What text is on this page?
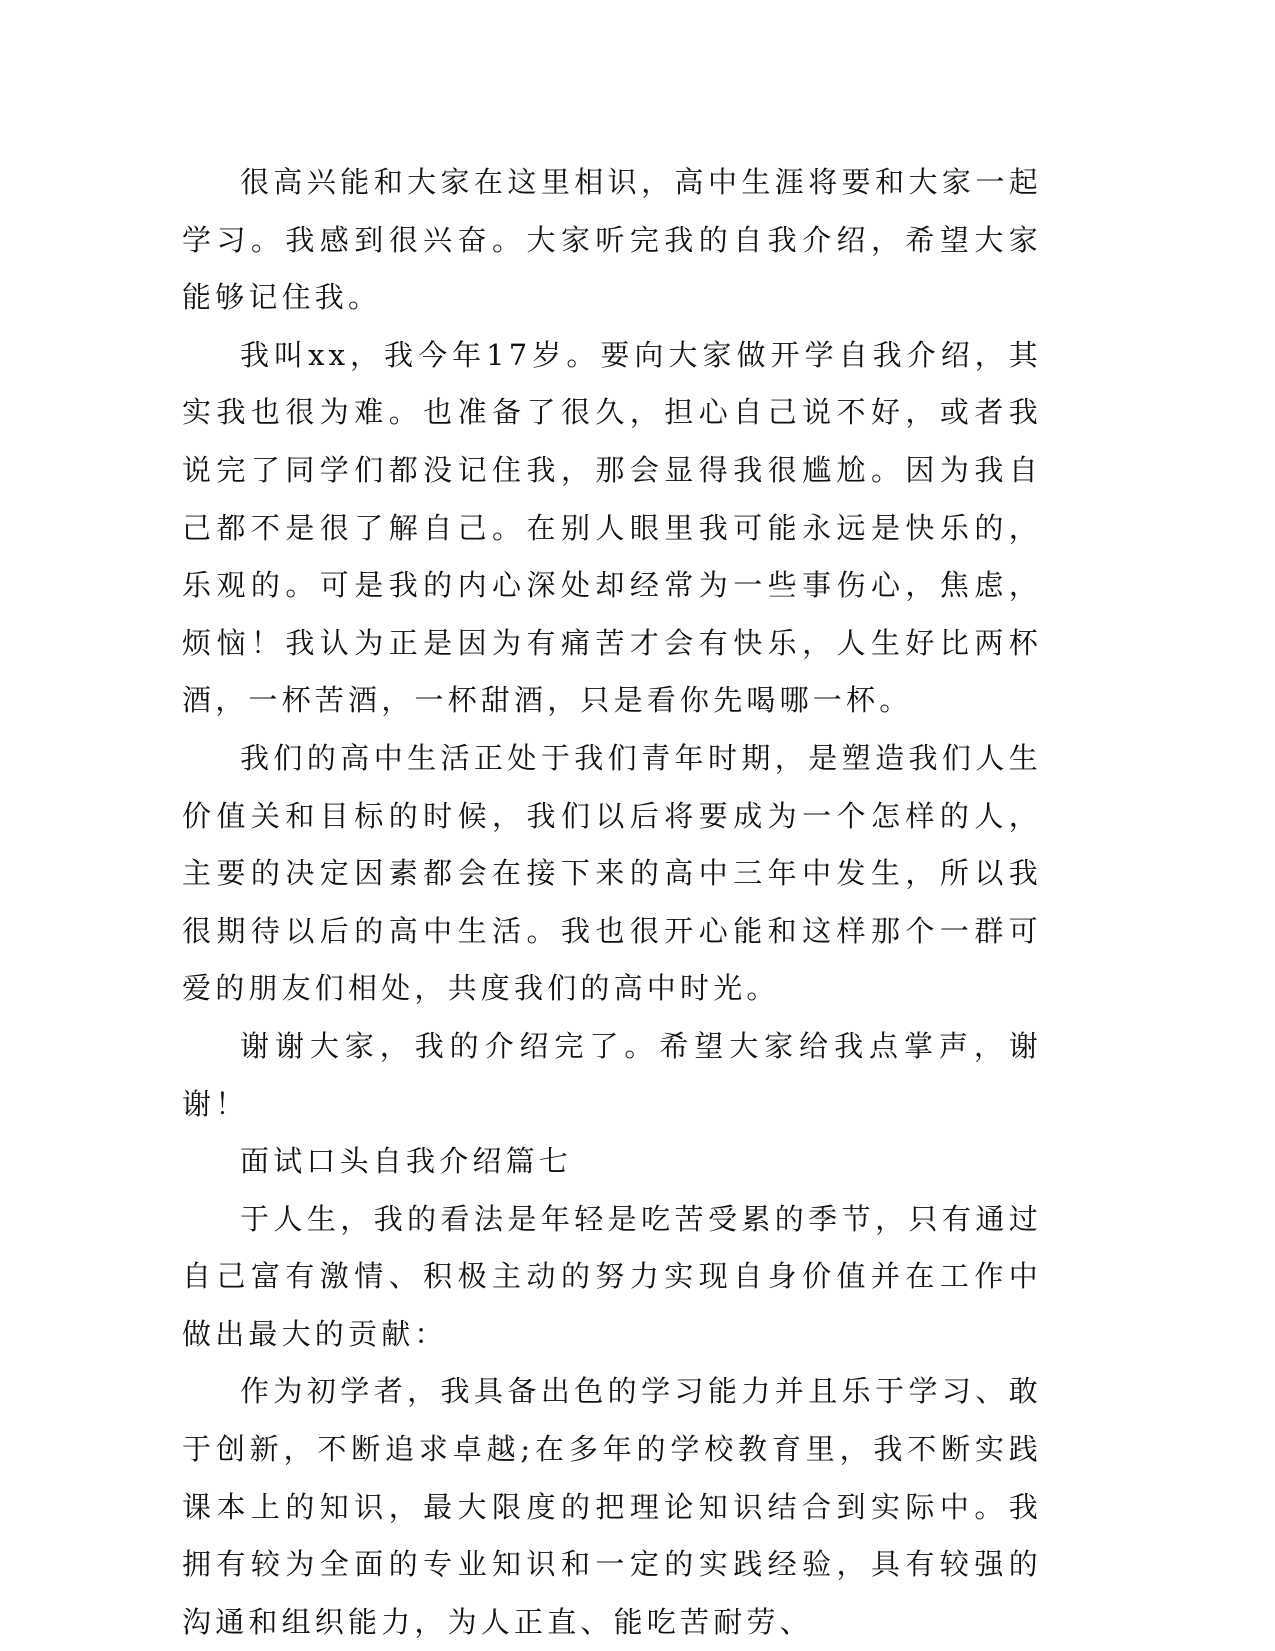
很高兴能和大家在这里相识，高中生涯将要和大家一起学习。我感到很兴奋。大家听完我的自我介绍，希望大家能够记住我。

我叫xx，我今年17岁。要向大家做开学自我介绍，其实我也很为难。也准备了很久，担心自己说不好，或者我说完了同学们都没记住我，那会显得我很尴尬。因为我自己都不是很了解自己。在别人眼里我可能永远是快乐的，乐观的。可是我的内心深处却经常为一些事伤心，焦虑，烦恼！我认为正是因为有痛苦才会有快乐，人生好比两杯酒，一杯苦酒，一杯甜酒，只是看你先喝哪一杯。

我们的高中生活正处于我们青年时期，是塑造我们人生价值关和目标的时候，我们以后将要成为一个怎样的人，主要的决定因素都会在接下来的高中三年中发生，所以我很期待以后的高中生活。我也很开心能和这样那个一群可爱的朋友们相处，共度我们的高中时光。

谢谢大家，我的介绍完了。希望大家给我点掌声，谢谢！

面试口头自我介绍篇七

于人生，我的看法是年轻是吃苦受累的季节，只有通过自己富有激情、积极主动的努力实现自身价值并在工作中做出最大的贡献：

作为初学者，我具备出色的学习能力并且乐于学习、敢于创新，不断追求卓越;在多年的学校教育里，我不断实践课本上的知识，最大限度的把理论知识结合到实际中。我拥有较为全面的专业知识和一定的实践经验，具有较强的沟通和组织能力，为人正直、能吃苦耐劳、
